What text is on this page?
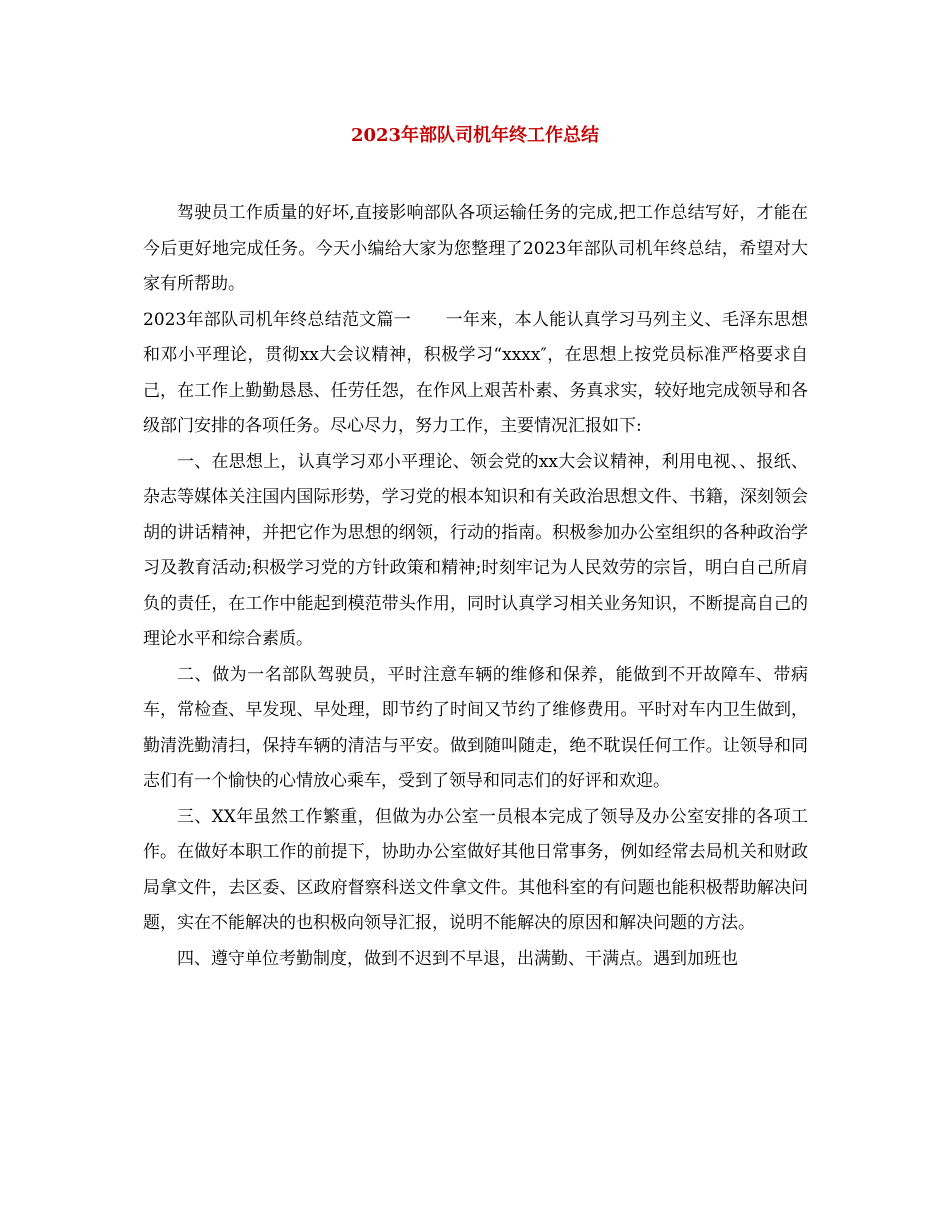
2023年部队司机年终工作总结

驾驶员工作质量的好坏,直接影响部队各项运输任务的完成,把工作总结写好，才能在今后更好地完成任务。今天小编给大家为您整理了2023年部队司机年终总结，希望对大家有所帮助。

2023年部队司机年终总结范文篇一　　一年来，本人能认真学习马列主义、毛泽东思想和邓小平理论，贯彻xx大会议精神，积极学习“xxxx″，在思想上按党员标准严格要求自己，在工作上勤勤恳恳、任劳任怨，在作风上艰苦朴素、务真求实，较好地完成领导和各级部门安排的各项任务。尽心尽力，努力工作，主要情况汇报如下:

一、在思想上，认真学习邓小平理论、领会党的xx大会议精神，利用电视、、报纸、杂志等媒体关注国内国际形势，学习党的根本知识和有关政治思想文件、书籍，深刻领会胡的讲话精神，并把它作为思想的纲领，行动的指南。积极参加办公室组织的各种政治学习及教育活动;积极学习党的方针政策和精神;时刻牢记为人民效劳的宗旨，明白自己所肩负的责任，在工作中能起到模范带头作用，同时认真学习相关业务知识，不断提高自己的理论水平和综合素质。

二、做为一名部队驾驶员，平时注意车辆的维修和保养，能做到不开故障车、带病车，常检查、早发现、早处理，即节约了时间又节约了维修费用。平时对车内卫生做到，勤清洗勤清扫，保持车辆的清洁与平安。做到随叫随走，绝不耽误任何工作。让领导和同志们有一个愉快的心情放心乘车，受到了领导和同志们的好评和欢迎。

三、XX年虽然工作繁重，但做为办公室一员根本完成了领导及办公室安排的各项工作。在做好本职工作的前提下，协助办公室做好其他日常事务，例如经常去局机关和财政局拿文件，去区委、区政府督察科送文件拿文件。其他科室的有问题也能积极帮助解决问题，实在不能解决的也积极向领导汇报，说明不能解决的原因和解决问题的方法。

四、遵守单位考勤制度，做到不迟到不早退，出满勤、干满点。遇到加班也
